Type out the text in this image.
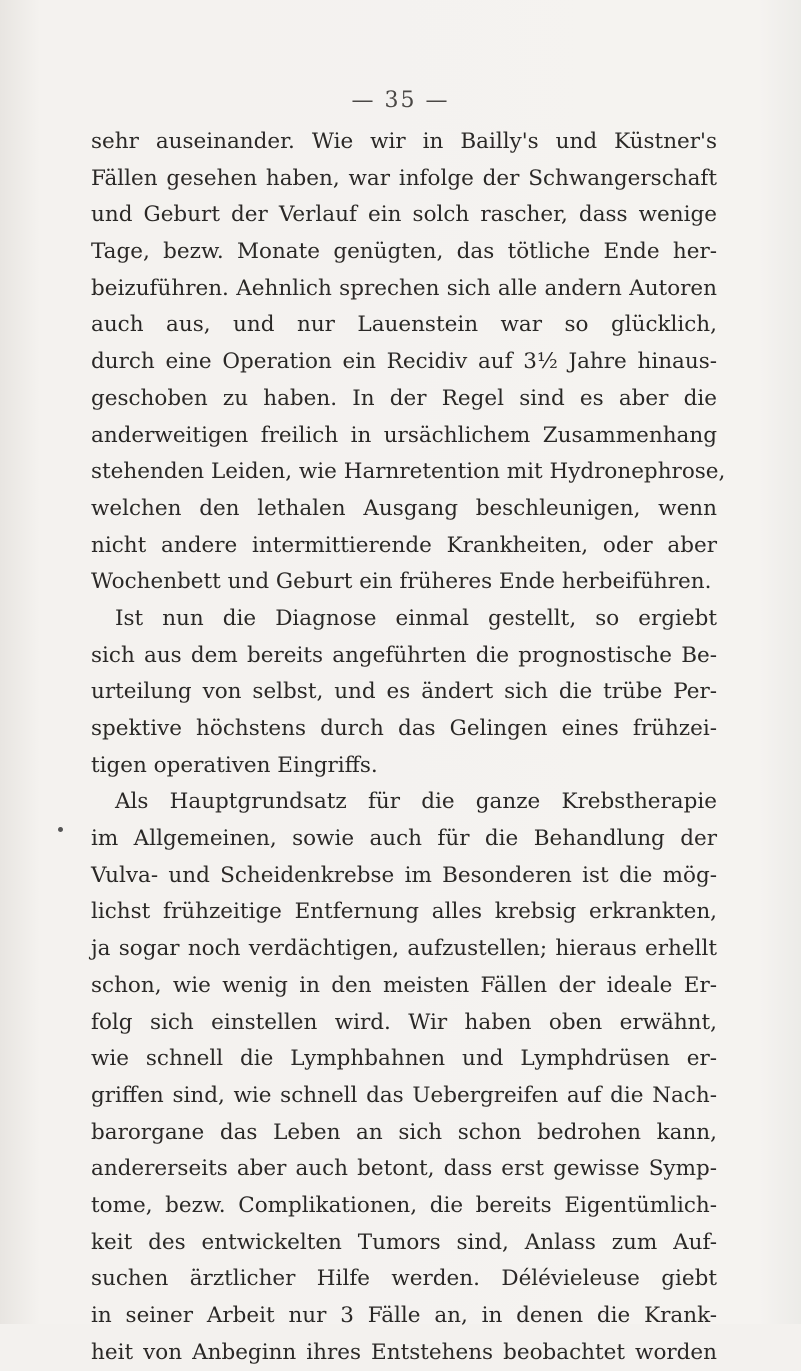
— 35 —
sehr auseinander. Wie wir in Bailly's und Küstner's
Fällen gesehen haben, war infolge der Schwangerschaft
und Geburt der Verlauf ein solch rascher, dass wenige
Tage, bezw. Monate genügten, das tötliche Ende her-
beizuführen. Aehnlich sprechen sich alle andern Autoren
auch aus, und nur Lauenstein war so glücklich,
durch eine Operation ein Recidiv auf 3½ Jahre hinaus-
geschoben zu haben. In der Regel sind es aber die
anderweitigen freilich in ursächlichem Zusammenhang
stehenden Leiden, wie Harnretention mit Hydronephrose,
welchen den lethalen Ausgang beschleunigen, wenn
nicht andere intermittierende Krankheiten, oder aber
Wochenbett und Geburt ein früheres Ende herbeiführen.
Ist nun die Diagnose einmal gestellt, so ergiebt
sich aus dem bereits angeführten die prognostische Be-
urteilung von selbst, und es ändert sich die trübe Per-
spektive höchstens durch das Gelingen eines frühzei-
tigen operativen Eingriffs.
Als Hauptgrundsatz für die ganze Krebstherapie
im Allgemeinen, sowie auch für die Behandlung der
Vulva- und Scheidenkrebse im Besonderen ist die mög-
lichst frühzeitige Entfernung alles krebsig erkrankten,
ja sogar noch verdächtigen, aufzustellen; hieraus erhellt
schon, wie wenig in den meisten Fällen der ideale Er-
folg sich einstellen wird. Wir haben oben erwähnt,
wie schnell die Lymphbahnen und Lymphdrüsen er-
griffen sind, wie schnell das Uebergreifen auf die Nach-
barorgane das Leben an sich schon bedrohen kann,
andererseits aber auch betont, dass erst gewisse Symp-
tome, bezw. Complikationen, die bereits Eigentümlich-
keit des entwickelten Tumors sind, Anlass zum Auf-
suchen ärztlicher Hilfe werden. Délévieleuse giebt
in seiner Arbeit nur 3 Fälle an, in denen die Krank-
heit von Anbeginn ihres Entstehens beobachtet worden
